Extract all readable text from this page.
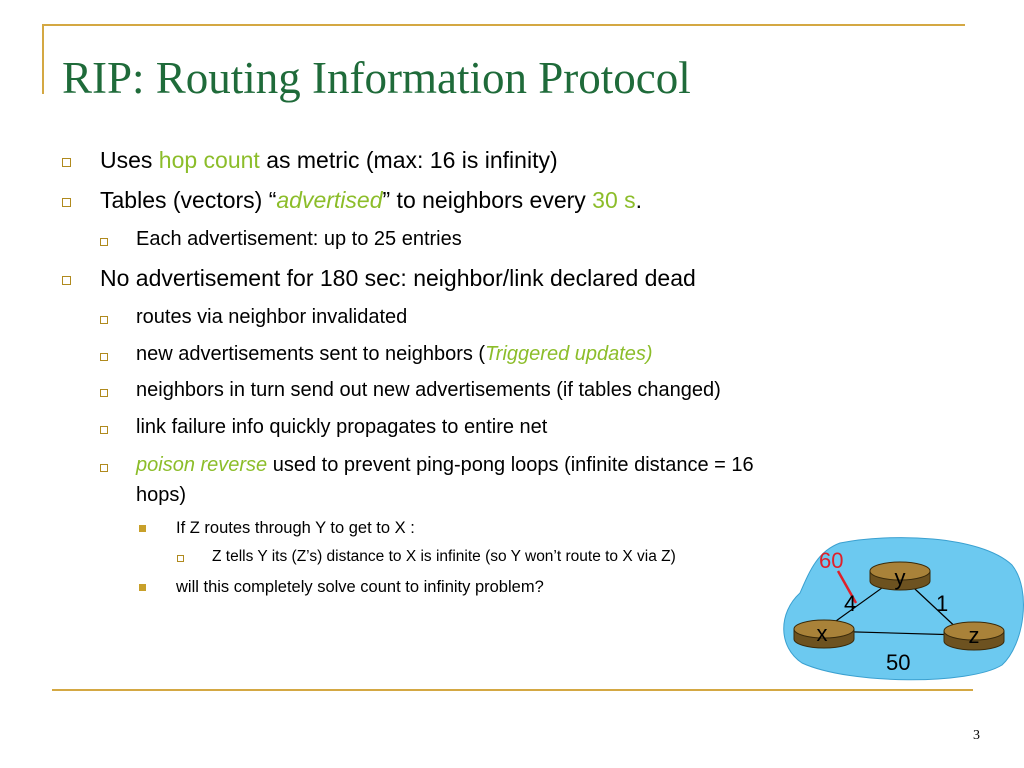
RIP: Routing Information Protocol
Uses hop count as metric (max: 16 is infinity)
Tables (vectors) “advertised” to neighbors every 30 s.
Each advertisement: up to 25 entries
No advertisement for 180 sec: neighbor/link declared dead
routes via neighbor invalidated
new advertisements sent to neighbors (Triggered updates)
neighbors in turn send out new advertisements (if tables changed)
link failure info quickly propagates to entire net
poison reverse used to prevent ping-pong loops (infinite distance = 16
hops)
If Z routes through Y to get to X :
Z tells Y its (Z’s) distance to X is infinite (so Y won’t route to X via Z)
will this completely solve count to infinity problem?	y
x	z
60
4	1
50
3
